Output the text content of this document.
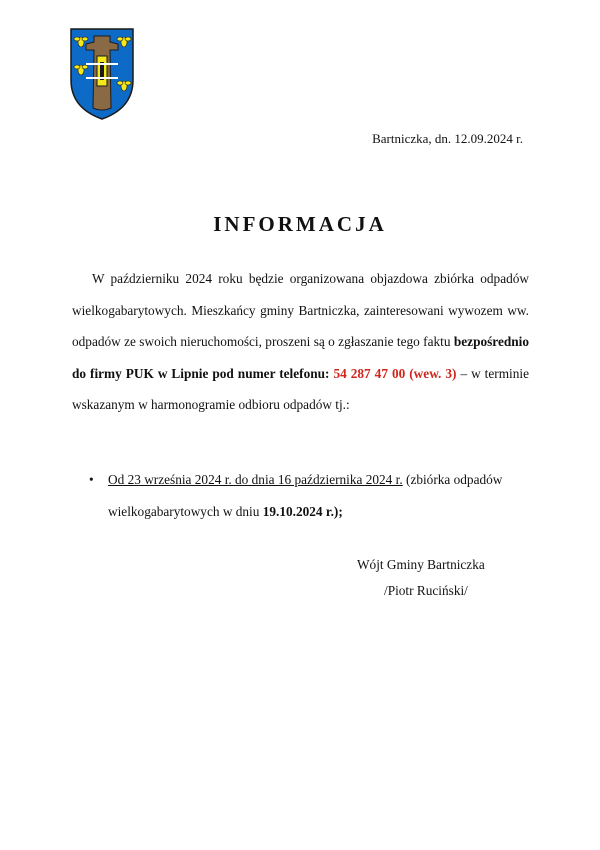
Bartniczka, dn. 12.09.2024 r.
INFORMACJA

W październiku 2024 roku będzie organizowana objazdowa zbiórka odpadów wielkogabarytowych. Mieszkańcy gminy Bartniczka, zainteresowani wywozem ww. odpadów ze swoich nieruchomości, proszeni są o zgłaszanie tego faktu bezpośrednio do firmy PUK w Lipnie pod numer telefonu: 54 287 47 00 (wew. 3) – w terminie wskazanym w harmonogramie odbioru odpadów tj.:

• Od 23 września 2024 r. do dnia 16 października 2024 r. (zbiórka odpadów wielkogabarytowych w dniu 19.10.2024 r.);
Wójt Gminy Bartniczka
/Piotr Ruciński/
